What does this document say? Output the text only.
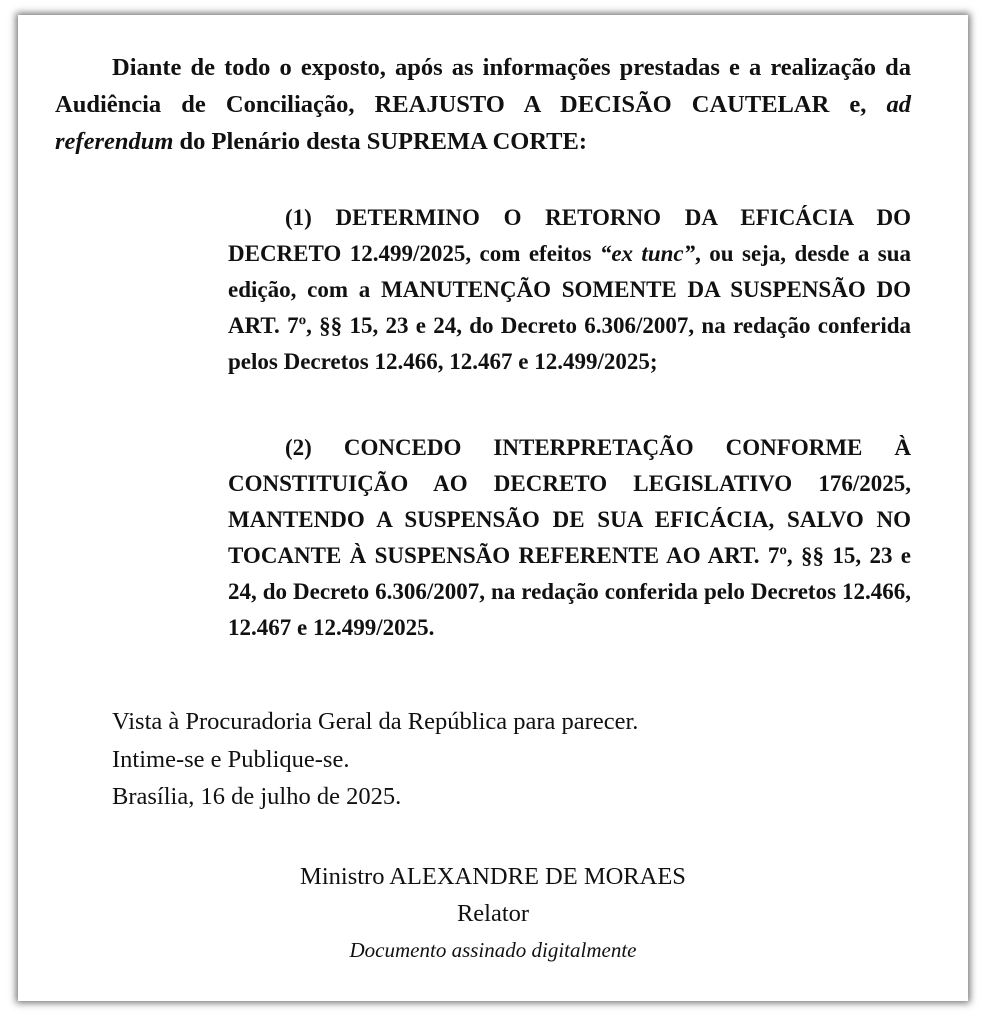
Diante de todo o exposto, após as informações prestadas e a realização da Audiência de Conciliação, REAJUSTO A DECISÃO CAUTELAR e, ad referendum do Plenário desta SUPREMA CORTE:

(1) DETERMINO O RETORNO DA EFICÁCIA DO DECRETO 12.499/2025, com efeitos “ex tunc”, ou seja, desde a sua edição, com a MANUTENÇÃO SOMENTE DA SUSPENSÃO DO ART. 7º, §§ 15, 23 e 24, do Decreto 6.306/2007, na redação conferida pelos Decretos 12.466, 12.467 e 12.499/2025;

(2) CONCEDO INTERPRETAÇÃO CONFORME À CONSTITUIÇÃO AO DECRETO LEGISLATIVO 176/2025, MANTENDO A SUSPENSÃO DE SUA EFICÁCIA, SALVO NO TOCANTE À SUSPENSÃO REFERENTE AO ART. 7º, §§ 15, 23 e 24, do Decreto 6.306/2007, na redação conferida pelo Decretos 12.466, 12.467 e 12.499/2025.

Vista à Procuradoria Geral da República para parecer.
Intime-se e Publique-se.
Brasília, 16 de julho de 2025.
Ministro ALEXANDRE DE MORAES
Relator
Documento assinado digitalmente
